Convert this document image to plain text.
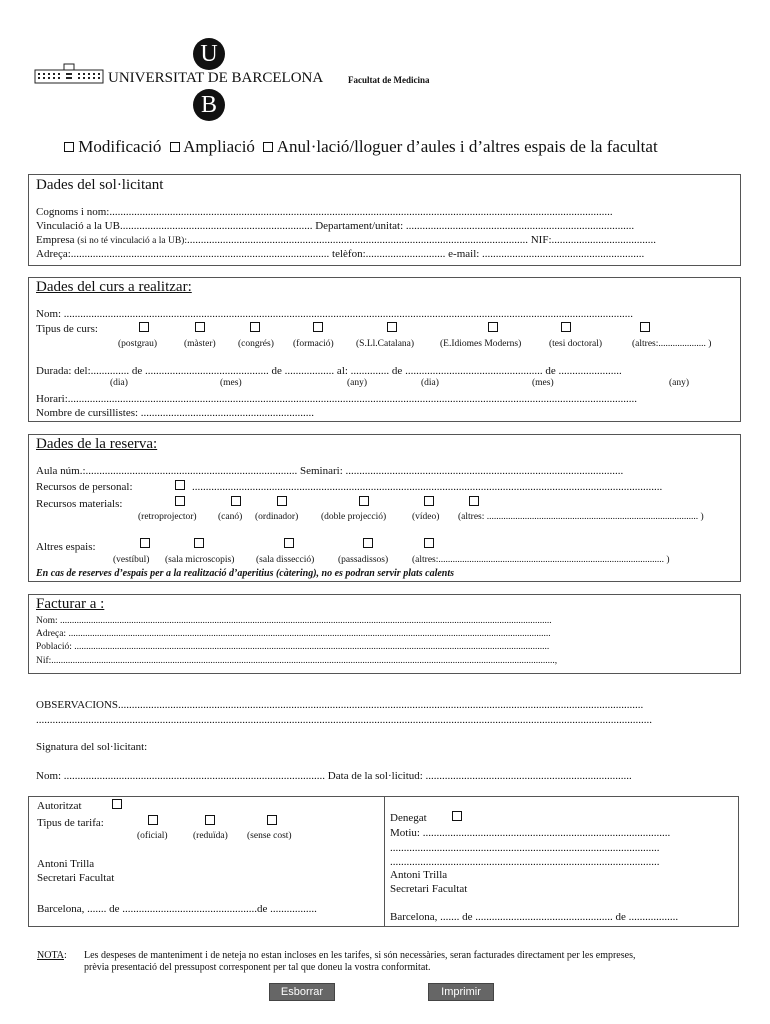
U
B
UNIVERSITAT DE BARCELONA	Facultat de Medicina
Modificació Ampliació Anul·lació/lloguer d’aules i d’altres espais de la facultat
Dades del sol·licitant
Cognoms i nom:.......................................................................................................................................................................................
Vinculació a la UB...................................................................... Departament/unitat: ...................................................................................
Empresa (si no té vinculació a la UB):............................................................................................................................ NIF:......................................
Adreça:.............................................................................................. telèfon:............................. e-mail: ...........................................................
Dades del curs a realitzar:
Nom: ...............................................................................................................................................................................................................
Tipus de curs:
(postgrau)	(màster) (congrés) (formació) (S.Ll.Catalana)	(E.Idiomes Moderns)	(tesi doctoral)	(altres:.................... )
Durada: del:.............. de ............................................. de .................. al: .............. de .................................................. de .......................
(dia)	(mes)	(any)	(dia)	(mes)	(any)
Horari:...............................................................................................................................................................................................................
Nombre de cursillistes: ...............................................................
Dades de la reserva:
Aula núm.:............................................................................. Seminari: .....................................................................................................
Recursos de personal:	...........................................................................................................................................................................
Recursos materials:
(retroprojector) (canó) (ordinador) (doble projecció)	(vídeo) (altres: ......................................................................................... )
Altres espais:
(vestíbul) (sala microscopis) (sala dissecció) (passadissos)	(altres:............................................................................................... )
En cas de reserves d’espais per a la realització d’aperitius (càtering), no es podran servir plats calents
Facturar a :
Nom: ...............................................................................................................................................................................................................
Adreça: ...........................................................................................................................................................................................................
Població: ........................................................................................................................................................................................................
Nif:....................................................................................................................................................................................................................,
OBSERVACIONS...............................................................................................................................................................................................
................................................................................................................................................................................................................................
Signatura del sol·licitant:
Nom: ............................................................................................... Data de la sol·licitud: ...........................................................................
Autoritzat
Tipus de tarifa:
(oficial)	(reduïda) (sense cost)
Antoni Trilla
Secretari Facultat
Barcelona, ....... de .................................................de .................
Denegat
Motiu: ..........................................................................................
..................................................................................................
..................................................................................................
Antoni Trilla
Secretari Facultat
Barcelona, ....... de .................................................. de ..................
NOTA: Les despeses de manteniment i de neteja no estan incloses en les tarifes, si són necessàries, seran facturades directament per les empreses,
prèvia presentació del pressupost corresponent per tal que doneu la vostra conformitat.
Esborrar	Imprimir
